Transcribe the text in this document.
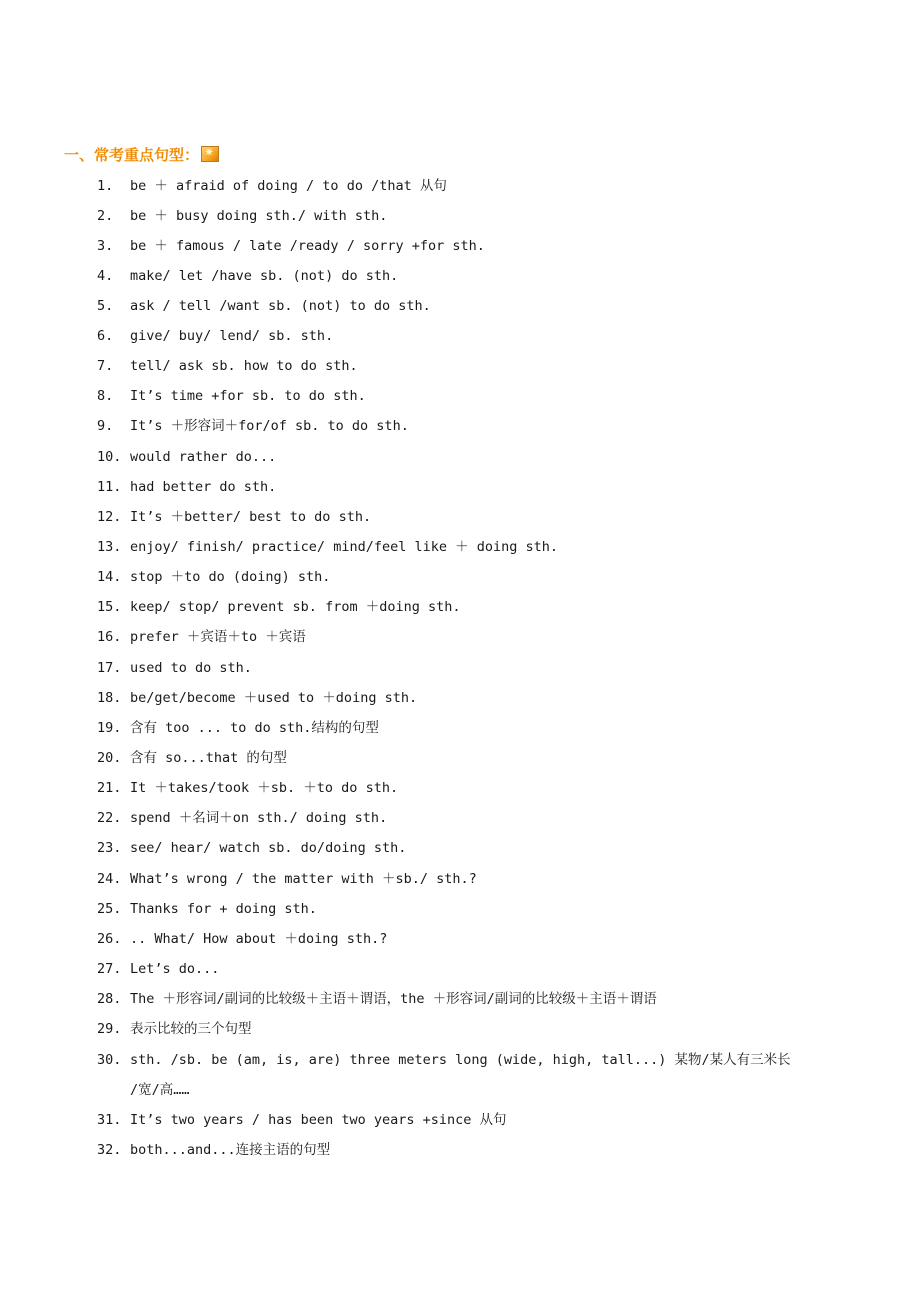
一、常考重点句型：
✷
1. be ＋ afraid of doing / to do /that 从句
2. be ＋ busy doing sth./ with sth.
3. be ＋ famous / late /ready / sorry +for sth.
4. make/ let /have sb. (not) do sth.
5. ask / tell /want sb. (not) to do sth.
6. give/ buy/ lend/ sb. sth.
7. tell/ ask sb. how to do sth.
8. It’s time +for sb. to do sth.
9. It’s ＋形容词＋for/of sb. to do sth.
10. would rather do...
11. had better do sth.
12. It’s ＋better/ best to do sth.
13. enjoy/ finish/ practice/ mind/feel like ＋ doing sth.
14. stop ＋to do (doing) sth.
15. keep/ stop/ prevent sb. from ＋doing sth.
16. prefer ＋宾语＋to ＋宾语
17. used to do sth.
18. be/get/become ＋used to ＋doing sth.
19. 含有 too ... to do sth.结构的句型
20. 含有 so...that 的句型
21. It ＋takes/took ＋sb. ＋to do sth.
22. spend ＋名词＋on sth./ doing sth.
23. see/ hear/ watch sb. do/doing sth.
24. What’s wrong / the matter with ＋sb./ sth.?
25. Thanks for + doing sth.
26. .. What/ How about ＋doing sth.?
27. Let’s do...
28. The ＋形容词/副词的比较级＋主语＋谓语，the ＋形容词/副词的比较级＋主语＋谓语
29. 表示比较的三个句型
30. sth. /sb. be (am, is, are) three meters long (wide, high, tall...) 某物/某人有三米长
/宽/高……
31. It’s two years / has been two years +since 从句
32. both...and...连接主语的句型
